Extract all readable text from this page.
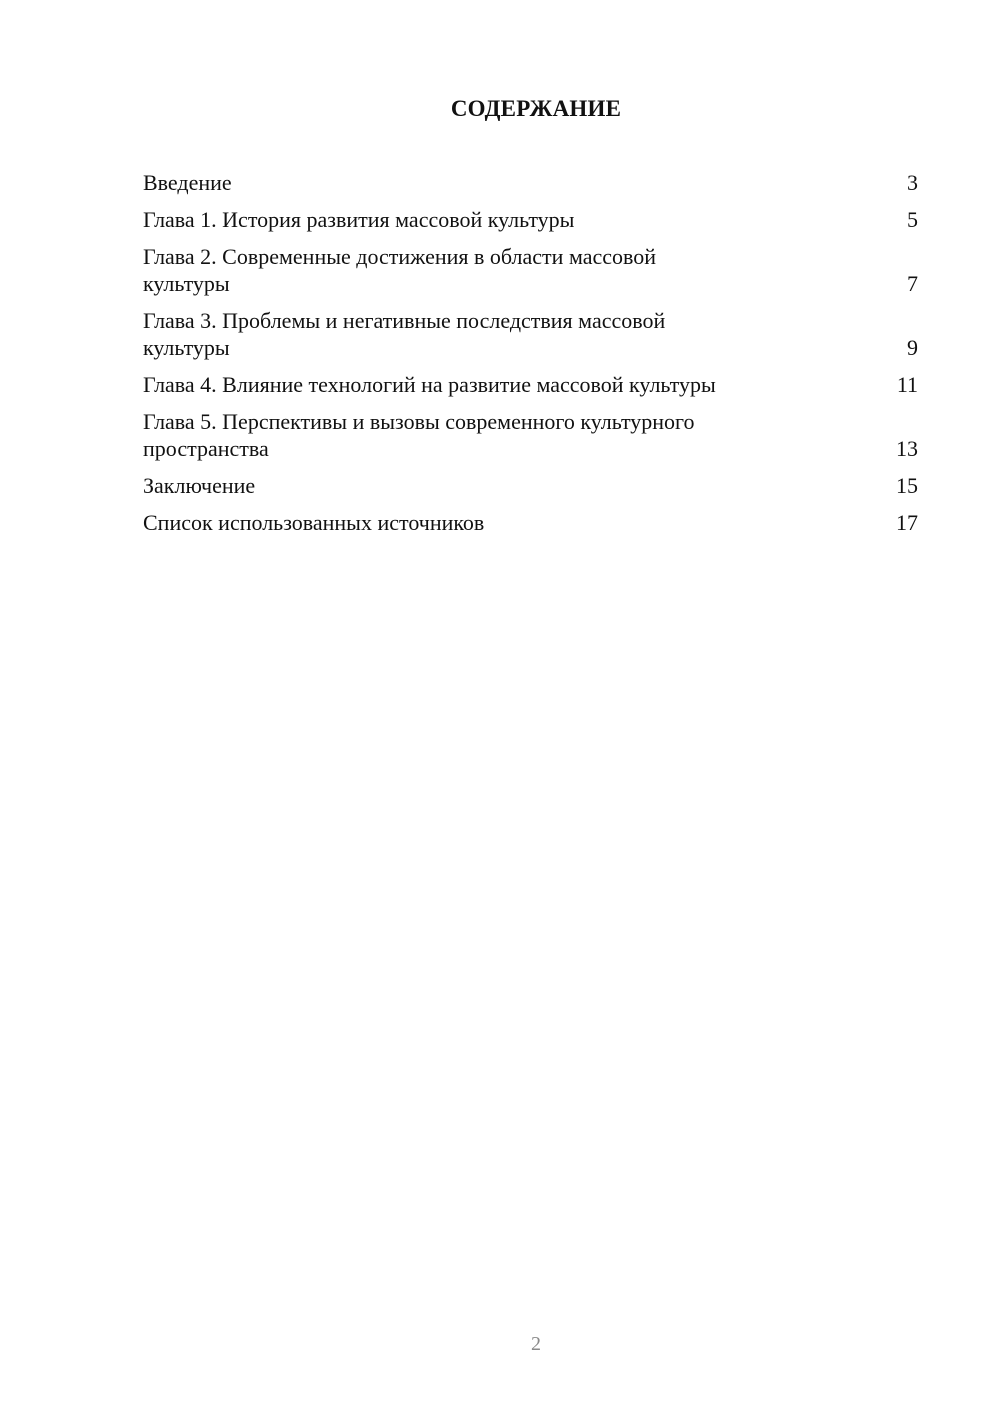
СОДЕРЖАНИЕ
Введение	3
Глава 1. История развития массовой культуры	5
Глава 2. Современные достижения в области массовой
культуры	7
Глава 3. Проблемы и негативные последствия массовой
культуры	9
Глава 4. Влияние технологий на развитие массовой культуры	11
Глава 5. Перспективы и вызовы современного культурного
пространства	13
Заключение	15
Список использованных источников	17
2
